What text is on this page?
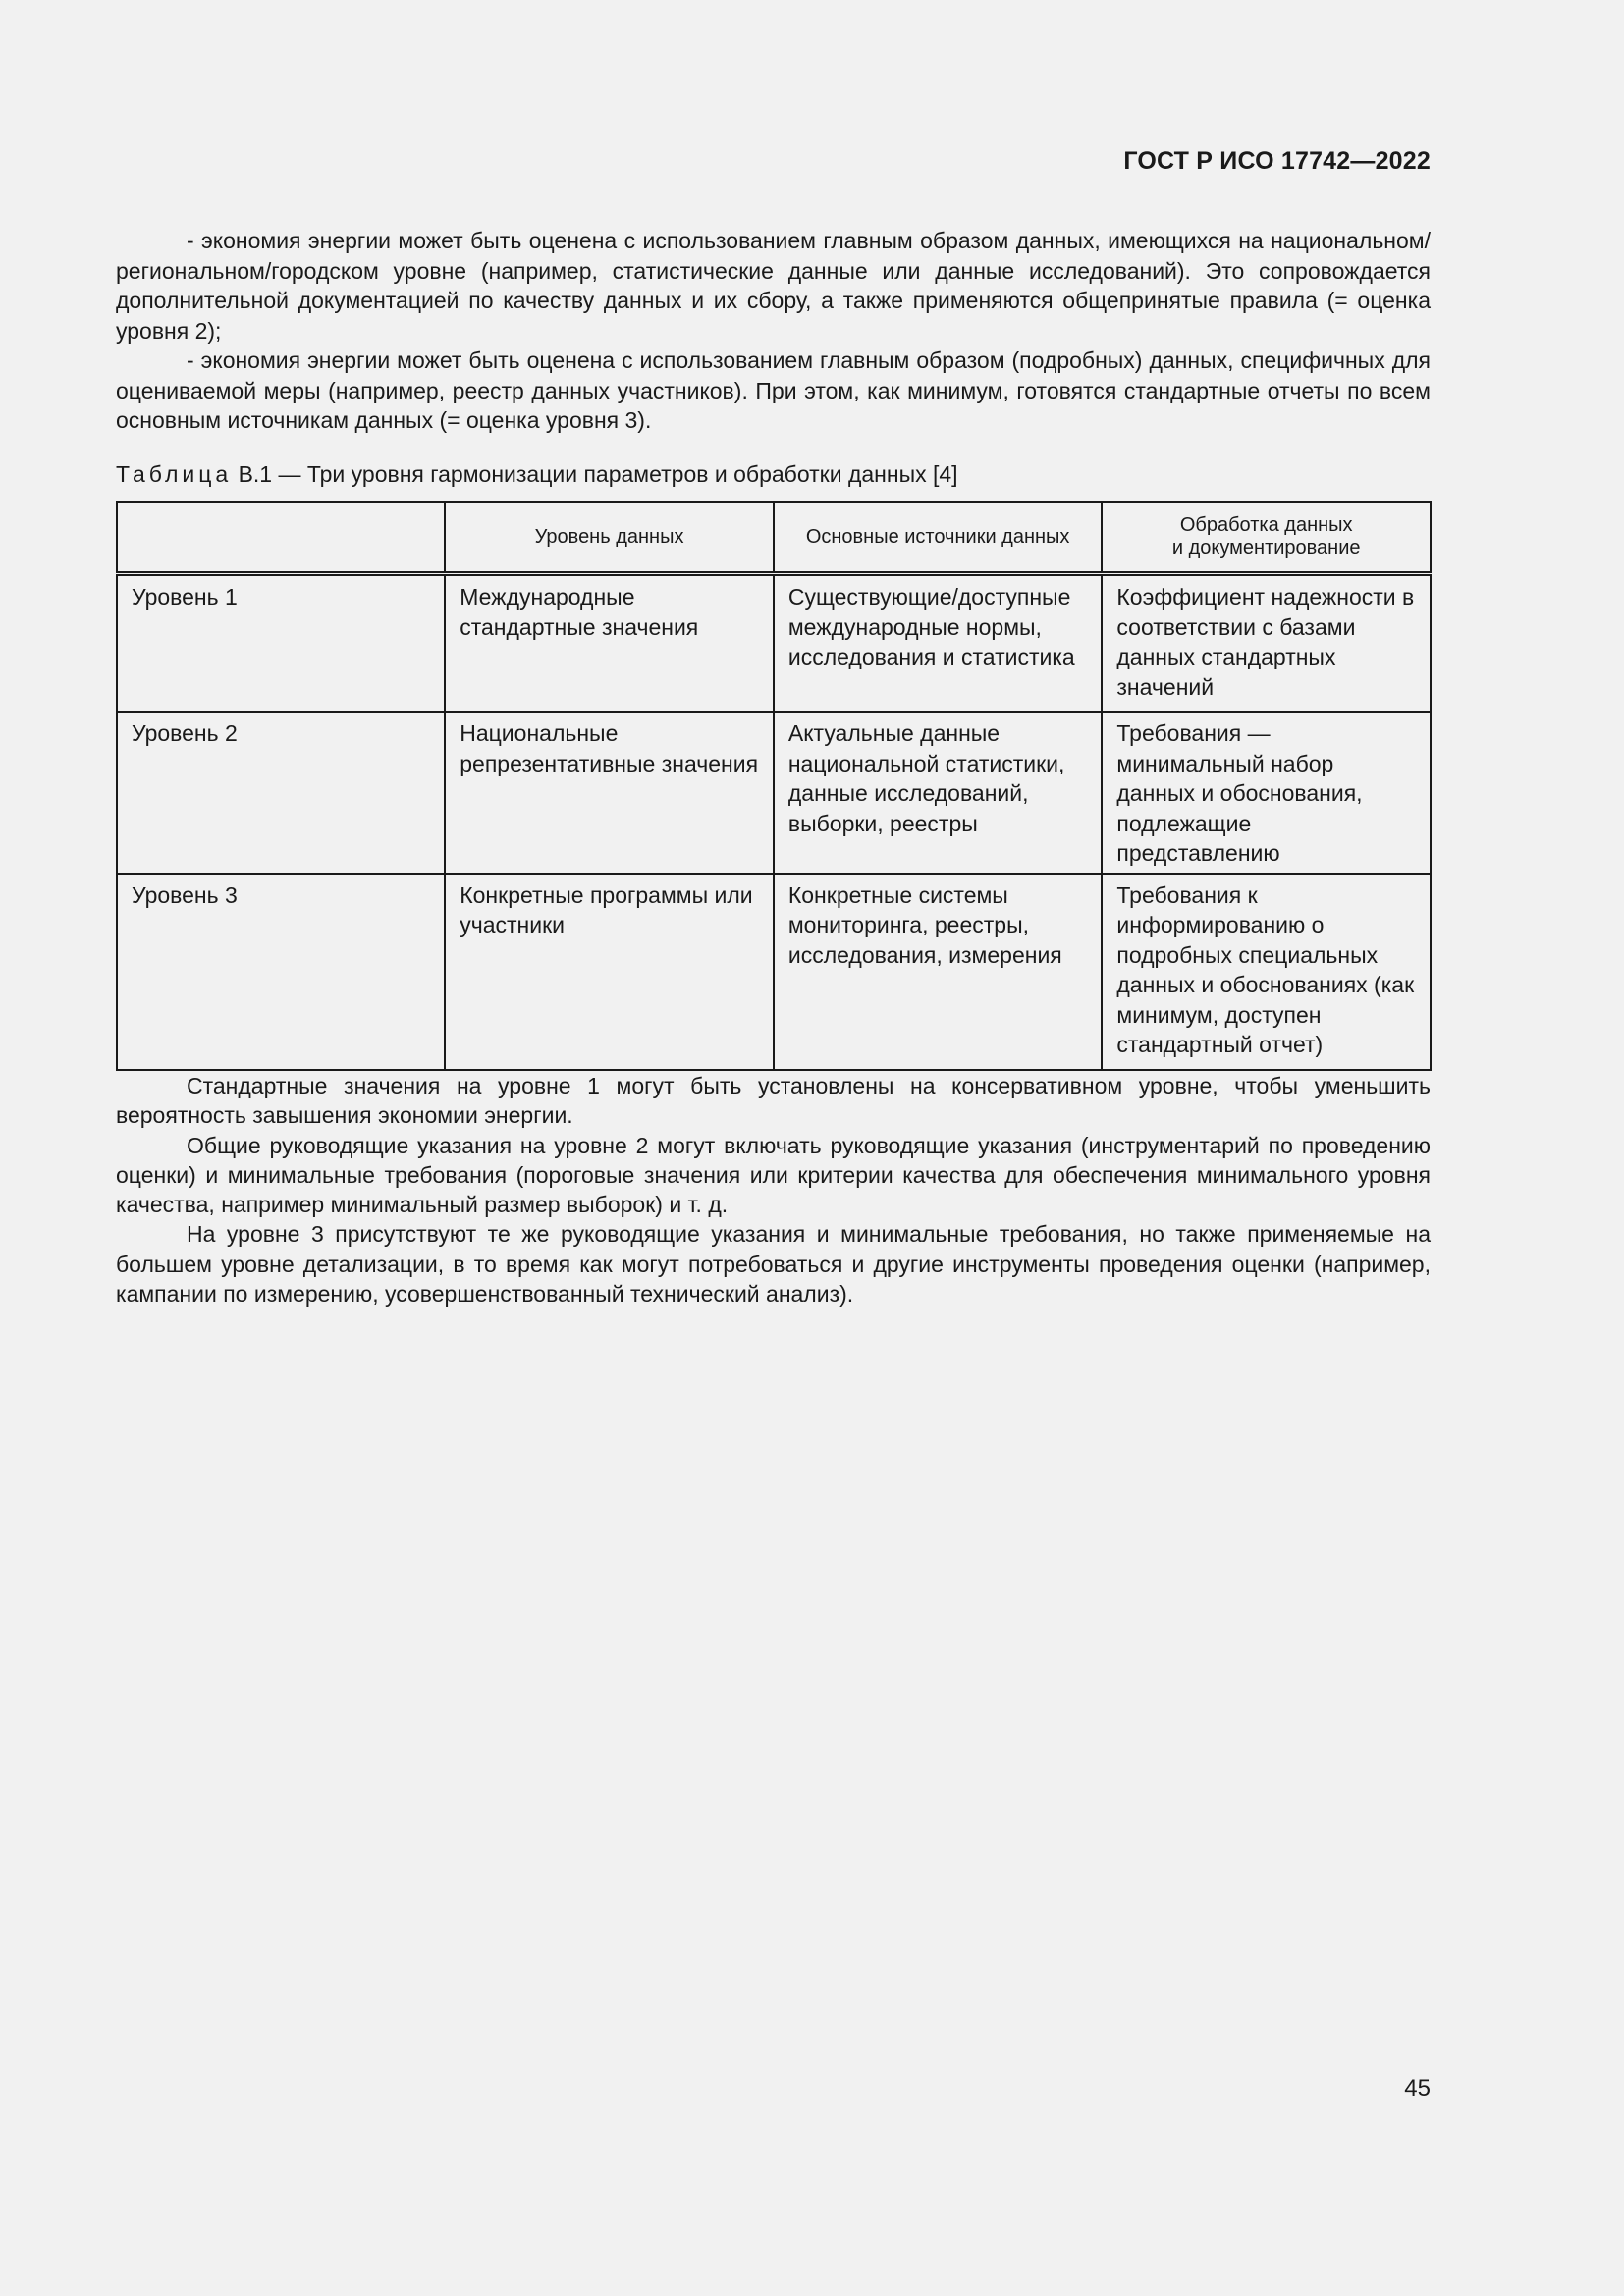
ГОСТ Р ИСО 17742—2022

- экономия энергии может быть оценена с использованием главным образом данных, имеющихся на национальном/региональном/городском уровне (например, статистические данные или данные исследований). Это сопровождается дополнительной документацией по качеству данных и их сбору, а также применяются общепринятые правила (= оценка уровня 2);

- экономия энергии может быть оценена с использованием главным образом (подробных) данных, специфичных для оцениваемой меры (например, реестр данных участников). При этом, как минимум, готовятся стандартные отчеты по всем основным источникам данных (= оценка уровня 3).

Таблица В.1 — Три уровня гармонизации параметров и обработки данных [4]
	Уровень данных	Основные источники данных	Обработка данных
и документирование
Уровень 1	Международные стандартные значения	Существующие/доступные международные нормы, исследования и статистика	Коэффициент надежности в соответствии с базами данных стандартных значений
Уровень 2	Национальные репрезентативные значения	Актуальные данные национальной статистики, данные исследований, выборки, реестры	Требования — минимальный набор данных и обоснования, подлежащие представлению
Уровень 3	Конкретные программы или участники	Конкретные системы мониторинга, реестры, исследования, измерения	Требования к информированию о подробных специальных данных и обоснованиях (как минимум, доступен стандартный отчет)

Стандартные значения на уровне 1 могут быть установлены на консервативном уровне, чтобы уменьшить вероятность завышения экономии энергии.

Общие руководящие указания на уровне 2 могут включать руководящие указания (инструментарий по проведению оценки) и минимальные требования (пороговые значения или критерии качества для обеспечения минимального уровня качества, например минимальный размер выборок) и т. д.

На уровне 3 присутствуют те же руководящие указания и минимальные требования, но также применяемые на большем уровне детализации, в то время как могут потребоваться и другие инструменты проведения оценки (например, кампании по измерению, усовершенствованный технический анализ).

45
